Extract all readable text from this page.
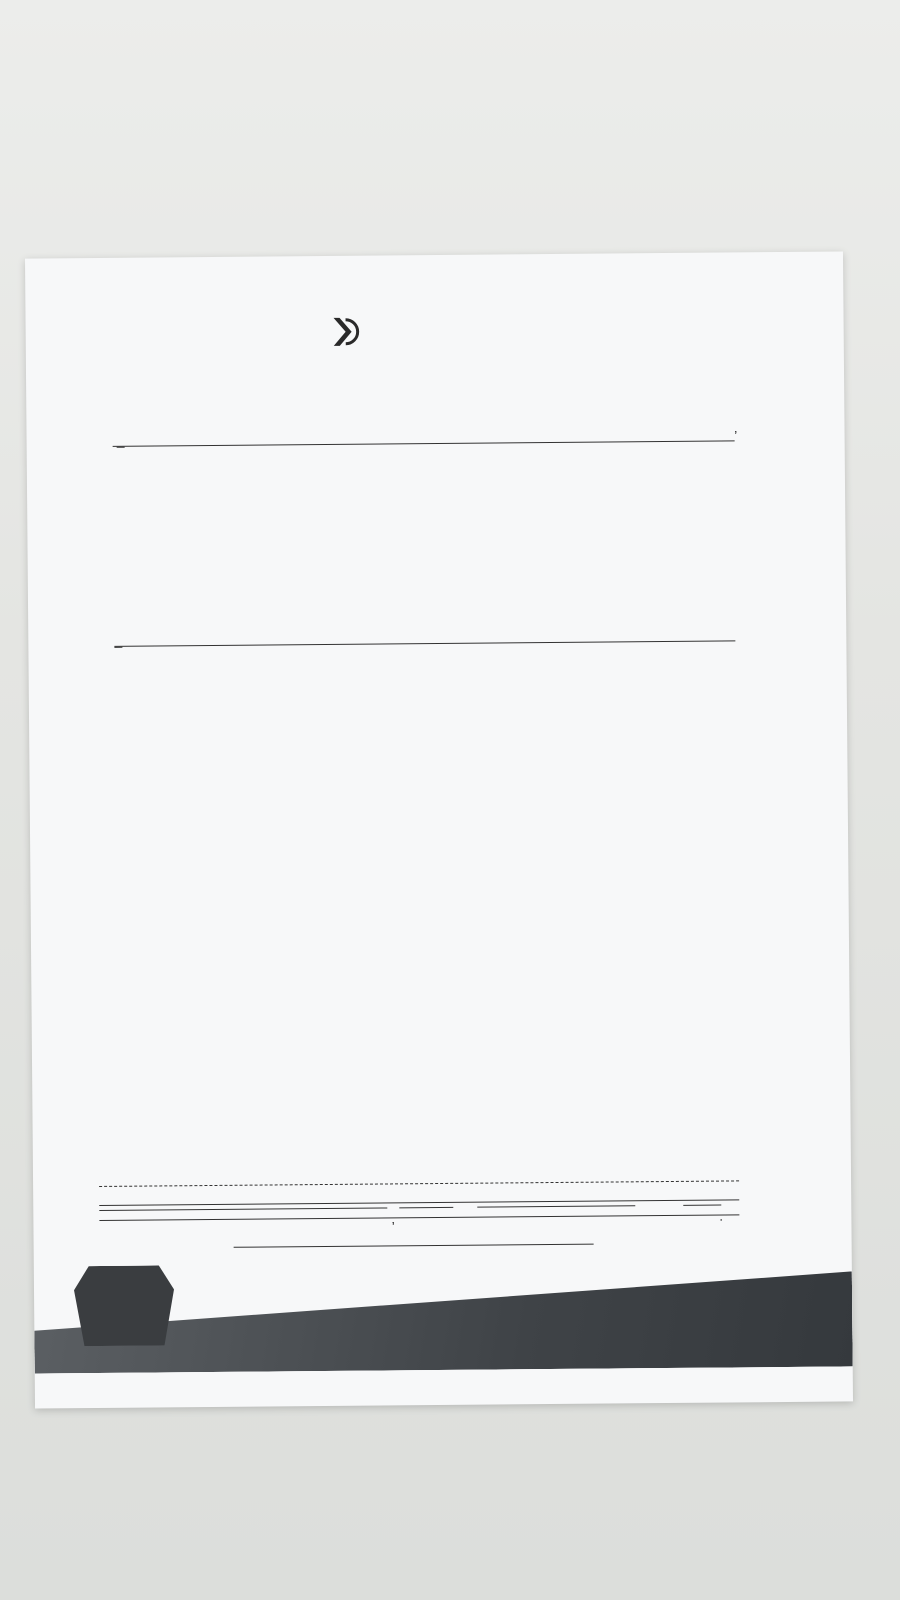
,
,	.
